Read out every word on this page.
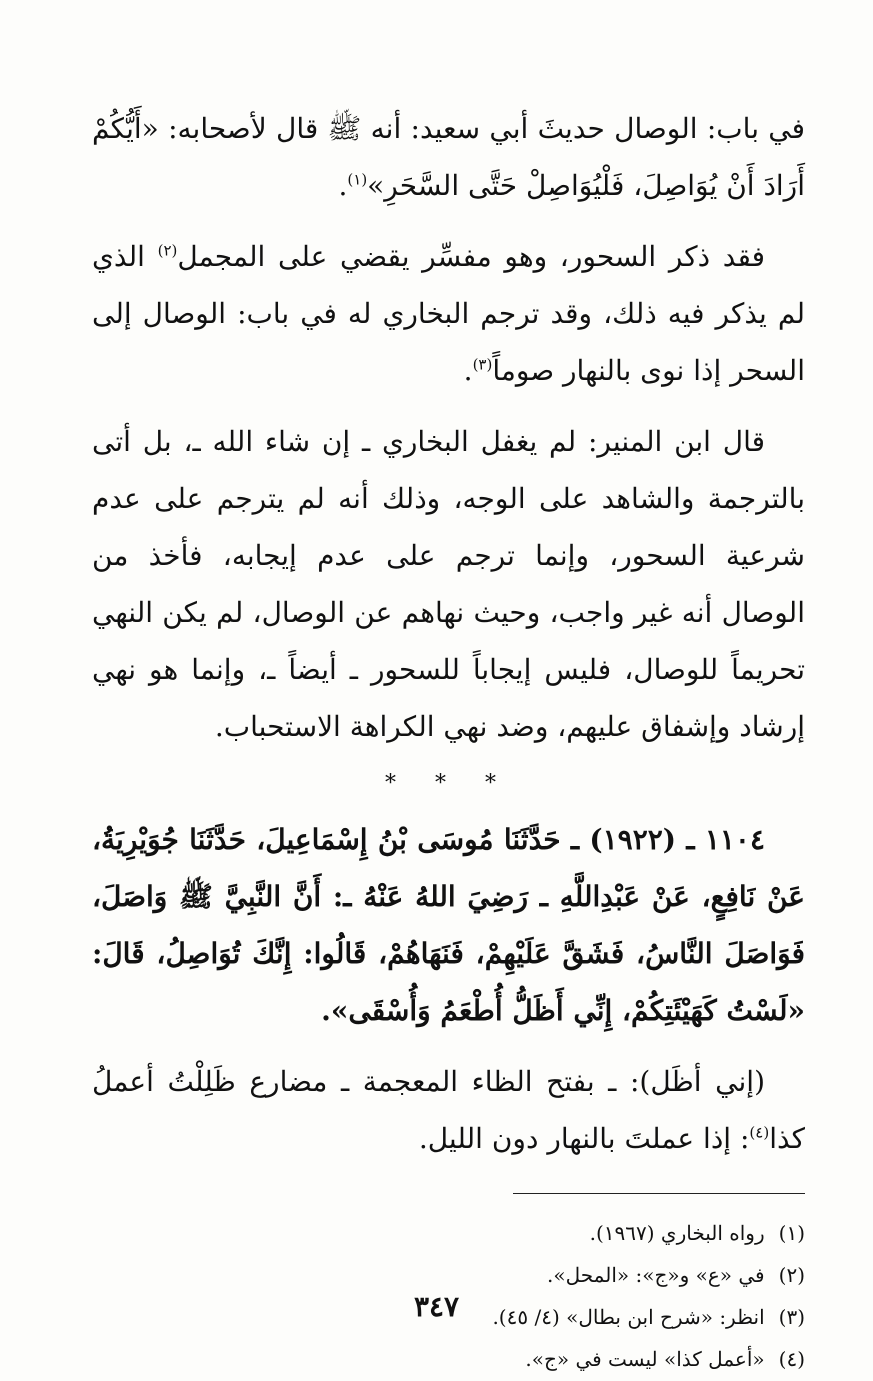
في باب: الوصال حديثَ أبي سعيد: أنه ﷺ قال لأصحابه: «أَيُّكُمْ أَرَادَ أَنْ يُوَاصِلَ، فَلْيُوَاصِلْ حَتَّى السَّحَرِ»$^{(١)}$.

فقد ذكر السحور، وهو مفسِّر يقضي على المجمل$^{(٢)}$ الذي لم يذكر فيه ذلك، وقد ترجم البخاري له في باب: الوصال إلى السحر إذا نوى بالنهار صوماً$^{(٣)}$.

قال ابن المنير: لم يغفل البخاري ـ إن شاء الله ـ، بل أتى بالترجمة والشاهد على الوجه، وذلك أنه لم يترجم على عدم شرعية السحور، وإنما ترجم على عدم إيجابه، فأخذ من الوصال أنه غير واجب، وحيث نهاهم عن الوصال، لم يكن النهي تحريماً للوصال، فليس إيجاباً للسحور ـ أيضاً ـ، وإنما هو نهي إرشاد وإشفاق عليهم، وضد نهي الكراهة الاستحباب.

* * *

١١٠٤ ـ (١٩٢٢) ـ حَدَّثَنَا مُوسَى بْنُ إِسْمَاعِيلَ، حَدَّثَنَا جُوَيْرِيَةُ، عَنْ نَافِعٍ، عَنْ عَبْدِاللَّهِ ـ رَضِيَ اللهُ عَنْهُ ـ: أَنَّ النَّبِيَّ ﷺ وَاصَلَ، فَوَاصَلَ النَّاسُ، فَشَقَّ عَلَيْهِمْ، فَنَهَاهُمْ، قَالُوا: إِنَّكَ تُوَاصِلُ، قَالَ: «لَسْتُ كَهَيْئَتِكُمْ، إِنِّي أَظَلُّ أُطْعَمُ وَأُسْقَى».

(إني أظَل): ـ بفتح الظاء المعجمة ـ مضارع ظَلِلْتُ أعملُ كذا$^{(٤)}$: إذا عملتَ بالنهار دون الليل.

(١)رواه البخاري (١٩٦٧).

(٢)في «ع» و«ج»: «المحل».

(٣)انظر: «شرح ابن بطال» (٤/ ٤٥).

(٤)«أعمل كذا» ليست في «ج».

٣٤٧
